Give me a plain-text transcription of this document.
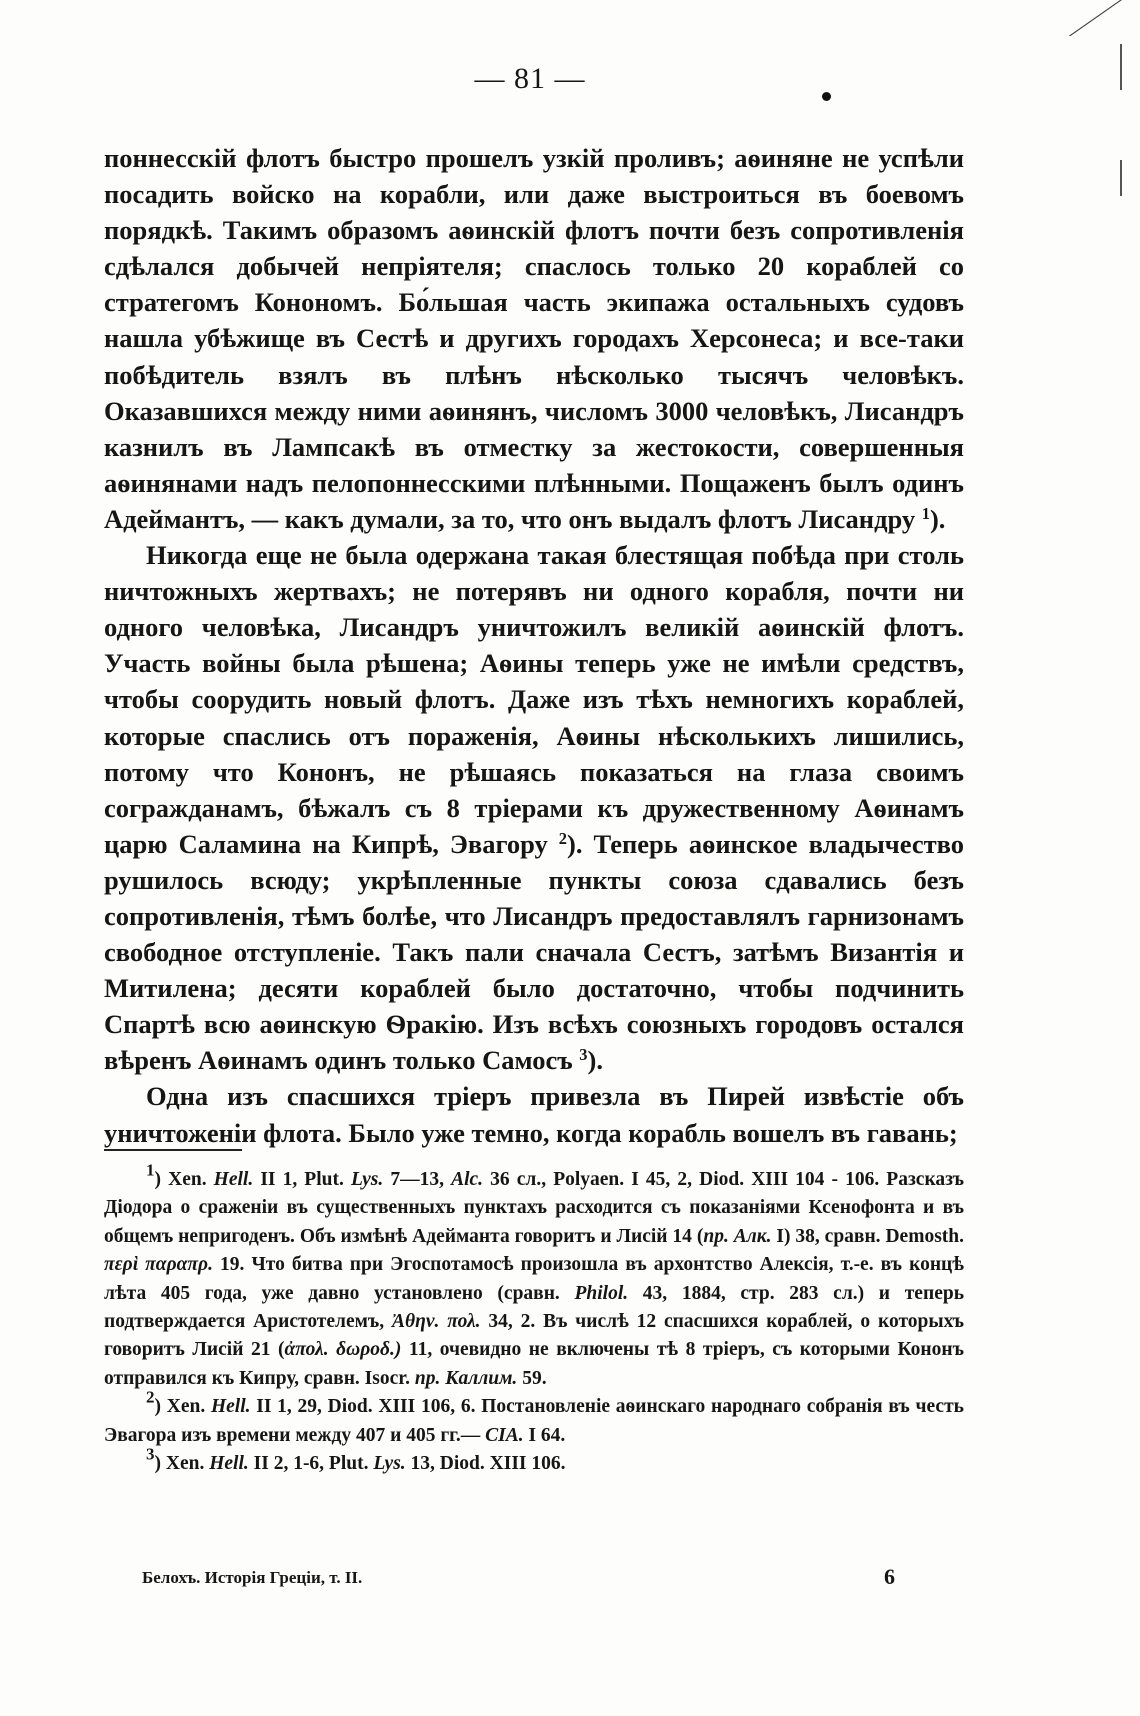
— 81 —

поннесскій флотъ быстро прошелъ узкій проливъ; аѳиняне не успѣли посадить войско на корабли, или даже выстроиться въ боевомъ порядкѣ. Такимъ образомъ аѳинскій флотъ почти безъ сопротивленія сдѣлался добычей непріятеля; спаслось только 20 кораблей со стратегомъ Конономъ. Бо́льшая часть экипажа остальныхъ судовъ нашла убѣжище въ Сестѣ и другихъ городахъ Херсонеса; и все-таки побѣдитель взялъ въ плѣнъ нѣсколько тысячъ человѣкъ. Оказавшихся между ними аѳинянъ, числомъ 3000 человѣкъ, Лисандръ казнилъ въ Лампсакѣ въ отместку за жестокости, совершенныя аѳинянами надъ пелопоннесскими плѣнными. Пощаженъ былъ одинъ Адеймантъ, — какъ думали, за то, что онъ выдалъ флотъ Лисандру $^1$).

Никогда еще не была одержана такая блестящая побѣда при столь ничтожныхъ жертвахъ; не потерявъ ни одного корабля, почти ни одного человѣка, Лисандръ уничтожилъ великій аѳинскій флотъ. Участь войны была рѣшена; Аѳины теперь уже не имѣли средствъ, чтобы соорудить новый флотъ. Даже изъ тѣхъ немногихъ кораблей, которые спаслись отъ пораженія, Аѳины нѣсколькихъ лишились, потому что Кононъ, не рѣшаясь показаться на глаза своимъ согражданамъ, бѣжалъ съ 8 тріерами къ дружественному Аѳинамъ царю Саламина на Кипрѣ, Эвагору $^2$). Теперь аѳинское владычество рушилось всюду; укрѣпленные пункты союза сдавались безъ сопротивленія, тѣмъ болѣе, что Лисандръ предоставлялъ гарнизонамъ свободное отступленіе. Такъ пали сначала Сестъ, затѣмъ Византія и Митилена; десяти кораблей было достаточно, чтобы подчинить Спартѣ всю аѳинскую Ѳракію. Изъ всѣхъ союзныхъ городовъ остался вѣренъ Аѳинамъ одинъ только Самосъ $^3$).

Одна изъ спасшихся тріеръ привезла въ Пирей извѣстіе объ уничтоженіи флота. Было уже темно, когда корабль вошелъ въ гавань;

$^1$) Xen. Hell. II 1, Plut. Lys. 7—13, Alc. 36 сл., Polyaen. I 45, 2, Diod. XIII 104 - 106. Разсказъ Діодора о сраженіи въ существенныхъ пунктахъ расходится съ показаніями Ксенофонта и въ общемъ непригоденъ. Объ измѣнѣ Адейманта говоритъ и Лисій 14 (пр. Алк. I) 38, сравн. Demosth. περὶ παραπρ. 19. Что битва при Эгоспотамосѣ произошла въ архонтство Алексія, т.-е. въ концѣ лѣта 405 года, уже давно установлено (сравн. Philol. 43, 1884, стр. 283 сл.) и теперь подтверждается Аристотелемъ, Ἀθην. πολ. 34, 2. Въ числѣ 12 спасшихся кораблей, о которыхъ говоритъ Лисій 21 (ἀπολ. δωροδ.) 11, очевидно не включены тѣ 8 тріеръ, съ которыми Кононъ отправился къ Кипру, сравн. Isocr. пр. Каллим. 59.

$^2$) Xen. Hell. II 1, 29, Diod. XIII 106, 6. Постановленіе аѳинскаго народнаго собранія въ честь Эвагора изъ времени между 407 и 405 гг.— CIA. I 64.

$^3$) Xen. Hell. II 2, 1-6, Plut. Lys. 13, Diod. XIII 106.

Белохъ. Исторія Греціи, т. II.	6
